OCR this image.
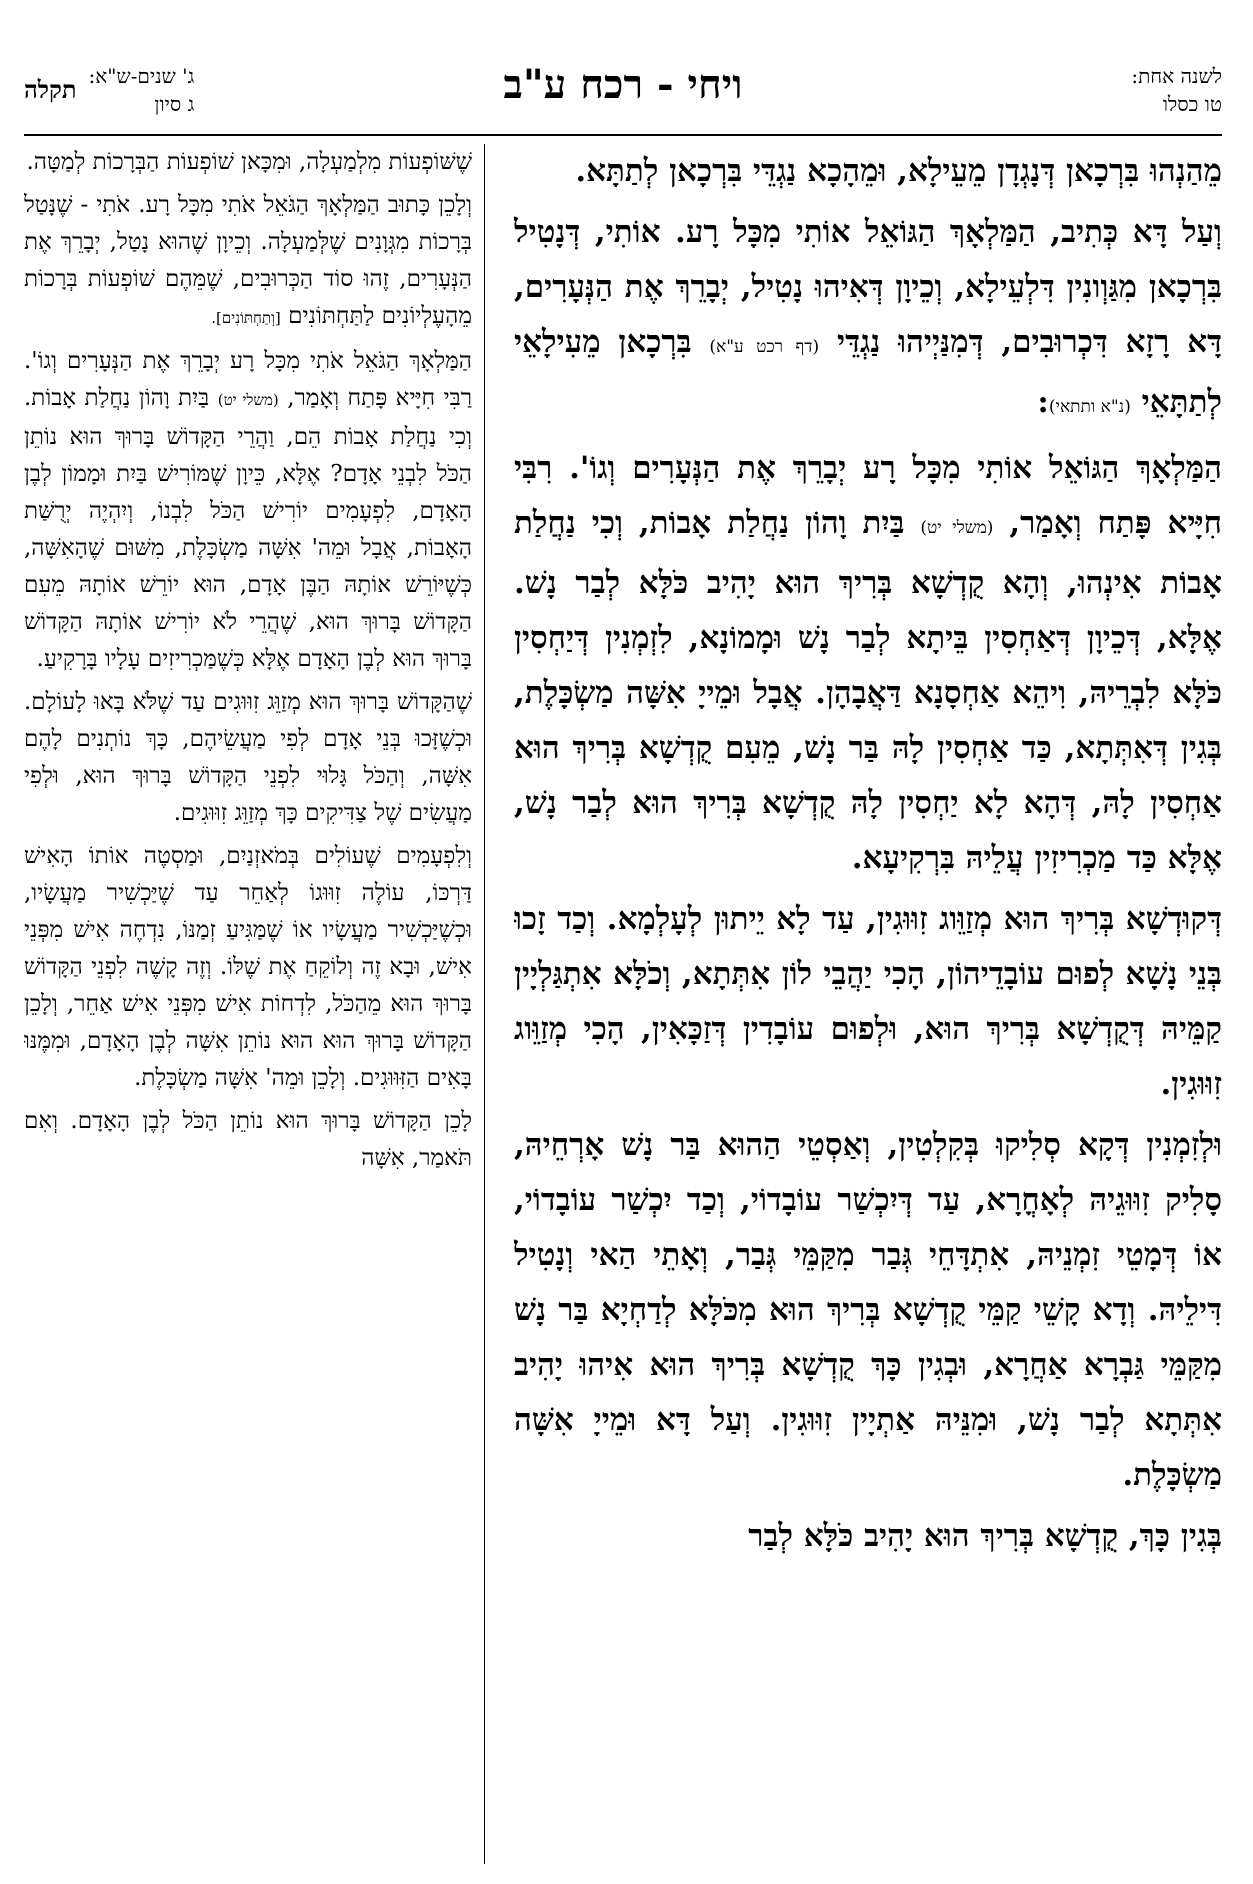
לשנה אחת:
טו כסלו
ויחי - רכח ע"ב
ג' שנים-ש"א:
ג סיון
תקלה

מֵהַנְהוּ בִּרְכָאן דְּנָגְדָן מֵעֵילָא, וּמֵהָכָא נַגְדֵּי בִּרְכָאן לְתַתָּא.

וְעַל דָּא כְּתִיב, הַמַּלְאָךְ הַגּוֹאֵל אוֹתִי מִכָּל רָע. אוֹתִי, דְּנָטִיל בִּרְכָאן מִגַּוְונִין דִּלְעֵילָא, וְכֵיוָן דְּאִיהוּ נָטִיל, יְבָרֵךְ אֶת הַנְּעָרִים, דָּא רָזָא דִּכְרוּבִים, דְּמִנַּיְיהוּ נַגְדֵּי (דף רכט ע"א) בִּרְכָאן מֵעִילָאֵי לְתַתָּאֵי (נ"א ותתאי):

הַמַּלְאָךְ הַגּוֹאֵל אוֹתִי מִכָּל רָע יְבָרֵךְ אֶת הַנְּעָרִים וְגוֹ'. רִבִּי חִיָּיא פָּתַח וְאָמַר, (משלי יט) בַּיִת וָהוֹן נַחֲלַת אָבוֹת, וְכִי נַחֲלַת אָבוֹת אִינְהוּ, וְהָא קֻדְשָׁא בְּרִיךְ הוּא יָהִיב כֹּלָּא לְבַר נָשׁ. אֶלָּא, דְּכֵיוָן דְּאַחְסִין בֵּיתָא לְבַר נָשׁ וּמָמוֹנָא, לִזְמְנִין דְּיַחְסִין כֹּלָּא לִבְרֵיהּ, וִיהֵא אַחְסָנָא דַּאֲבָהָן. אֲבָל וּמֵייָ אִשָּׁה מַשְׂכָּלֶת, בְּגִין דְּאִתְּתָא, כַּד אַחְסִין לָהּ בַּר נָשׁ, מֵעִם קֻדְשָׁא בְּרִיךְ הוּא אַחְסִין לָהּ, דְּהָא לָא יַחְסִין לָהּ קֻדְשָׁא בְּרִיךְ הוּא לְבַר נָשׁ, אֶלָּא כַּד מַכְרִיזִין עֲלֵיהּ בִּרְקִיעָא.

דְּקוּדְשָׁא בְּרִיךְ הוּא מְזַוֵּוג זִוּוּגִין, עַד לָא יֵיתוּן לְעָלְמָא. וְכַד זָכוּ בְּנֵי נָשָׁא לְפוּם עוֹבָדֵיהוֹן, הָכִי יַהֲבֵי לוֹן אִתְּתָא, וְכֹלָּא אִתְגַּלְיָין קַמֵּיהּ דְּקֻדְשָׁא בְּרִיךְ הוּא, וּלְפוּם עוֹבָדִין דְּזַכָּאִין, הָכִי מְזַוֵּוג זִוּוּגִין.

וּלְזִמְנִין דְּקָא סְלִיקוּ בְּקִלְטִין, וְאַסְטֵי הַהוּא בַּר נָשׁ אָרְחֵיהּ, סָלִיק זִוּוּגֵיהּ לְאָחֳרָא, עַד דְּיִכְשַׁר עוֹבָדוֹי, וְכַד יִכְשַׁר עוֹבָדוֹי, אוֹ דְּמָטֵי זִמְנֵיהּ, אִתְדָּחֵי גְּבַר מִקַּמֵּי גְּבַר, וְאָתֵי הַאי וְנָטִיל דִּילֵיהּ. וְדָא קָשֵׁי קַמֵּי קֻדְשָׁא בְּרִיךְ הוּא מִכֹּלָּא לְדַחְיָא בַּר נָשׁ מִקַּמֵּי גַּבְרָא אַחֲרָא, וּבְגִין כָּךְ קֻדְשָׁא בְּרִיךְ הוּא אִיהוּ יָהִיב אִתְּתָא לְבַר נָשׁ, וּמִנֵּיהּ אַתְיָין זִוּוּגִין. וְעַל דָּא וּמֵייָ אִשָּׁה מַשְׂכָּלֶת.

בְּגִין כָּךְ, קֻדְשָׁא בְּרִיךְ הוּא יָהִיב כֹּלָּא לְבַר

שֶׁשּׁוֹפְעוֹת מִלְמַעְלָה, וּמִכָּאן שׁוֹפְעוֹת הַבְּרָכוֹת לְמַטָּה.

וְלָכֵן כָּתוּב הַמַּלְאָךְ הַגֹּאֵל אֹתִי מִכָּל רָע. אֹתִי - שֶׁנָּטַל בְּרָכוֹת מִגְּוָנִים שֶׁלְּמַעְלָה. וְכֵיוָן שֶׁהוּא נָטַל, יְבָרֵךְ אֶת הַנְּעָרִים, זֶהוּ סוֹד הַכְּרוּבִים, שֶׁמֵּהֶם שׁוֹפְעוֹת בְּרָכוֹת מֵהָעֶלְיוֹנִים לַתַּחְתּוֹנִים [וְתַחְתּוֹנִים].

הַמַּלְאָךְ הַגֹּאֵל אֹתִי מִכָּל רָע יְבָרֵךְ אֶת הַנְּעָרִים וְגוֹ'. רַבִּי חִיָּיא פָּתַח וְאָמַר, (משלי יט) בַּיִת וָהוֹן נַחֲלַת אָבוֹת. וְכִי נַחֲלַת אָבוֹת הֵם, וַהֲרֵי הַקָּדוֹשׁ בָּרוּךְ הוּא נוֹתֵן הַכֹּל לִבְנֵי אָדָם? אֶלָּא, כֵּיוָן שֶׁמּוֹרִישׁ בַּיִת וּמָמוֹן לְבֶן הָאָדָם, לִפְעָמִים יוֹרִישׁ הַכֹּל לִבְנוֹ, וְיִהְיֶה יְרֻשַּׁת הָאָבוֹת, אֲבָל וּמֵה' אִשָּׁה מַשְׂכָּלֶת, מִשּׁוּם שֶׁהָאִשָּׁה, כְּשֶׁיּוֹרֵשׁ אוֹתָהּ הַבֶּן אָדָם, הוּא יוֹרֵשׁ אוֹתָהּ מֵעִם הַקָּדוֹשׁ בָּרוּךְ הוּא, שֶׁהֲרֵי לֹא יוֹרִישׁ אוֹתָהּ הַקָּדוֹשׁ בָּרוּךְ הוּא לְבֶן הָאָדָם אֶלָּא כְּשֶׁמַּכְרִיזִים עָלָיו בָּרָקִיעַ.

שֶׁהַקָּדוֹשׁ בָּרוּךְ הוּא מְזַוֵּג זִוּוּגִים עַד שֶׁלֹּא בָּאוּ לָעוֹלָם. וּכְשֶׁזָּכוּ בְּנֵי אָדָם לְפִי מַעֲשֵׂיהֶם, כָּךְ נוֹתְנִים לָהֶם אִשָּׁה, וְהַכֹּל גָּלוּי לִפְנֵי הַקָּדוֹשׁ בָּרוּךְ הוּא, וּלְפִי מַעֲשִׂים שֶׁל צַדִּיקִים כָּךְ מְזַוֵּג זִוּוּגִים.

וְלִפְעָמִים שֶׁעוֹלִים בְּמֹאזְנַיִם, וּמַסְטֶה אוֹתוֹ הָאִישׁ דַּרְכּוֹ, עוֹלֶה זִוּוּגוֹ לְאַחֵר עַד שֶׁיַּכְשִׁיר מַעֲשָׂיו, וּכְשֶׁיַּכְשִׁיר מַעֲשָׂיו אוֹ שֶׁמַּגִּיעַ זְמַנּוֹ, נִדְחֶה אִישׁ מִפְּנֵי אִישׁ, וּבָא זֶה וְלוֹקֵחַ אֶת שֶׁלּוֹ. וְזֶה קָשֶׁה לִפְנֵי הַקָּדוֹשׁ בָּרוּךְ הוּא מֵהַכֹּל, לִדְחוֹת אִישׁ מִפְּנֵי אִישׁ אַחֵר, וְלָכֵן הַקָּדוֹשׁ בָּרוּךְ הוּא הוּא נוֹתֵן אִשָּׁה לְבֶן הָאָדָם, וּמִמֶּנּוּ בָּאִים הַזִּוּוּגִים. וְלָכֵן וּמֵה' אִשָּׁה מַשְׂכָּלֶת.

לָכֵן הַקָּדוֹשׁ בָּרוּךְ הוּא נוֹתֵן הַכֹּל לְבֶן הָאָדָם. וְאִם תֹּאמַר, אִשָּׁה
